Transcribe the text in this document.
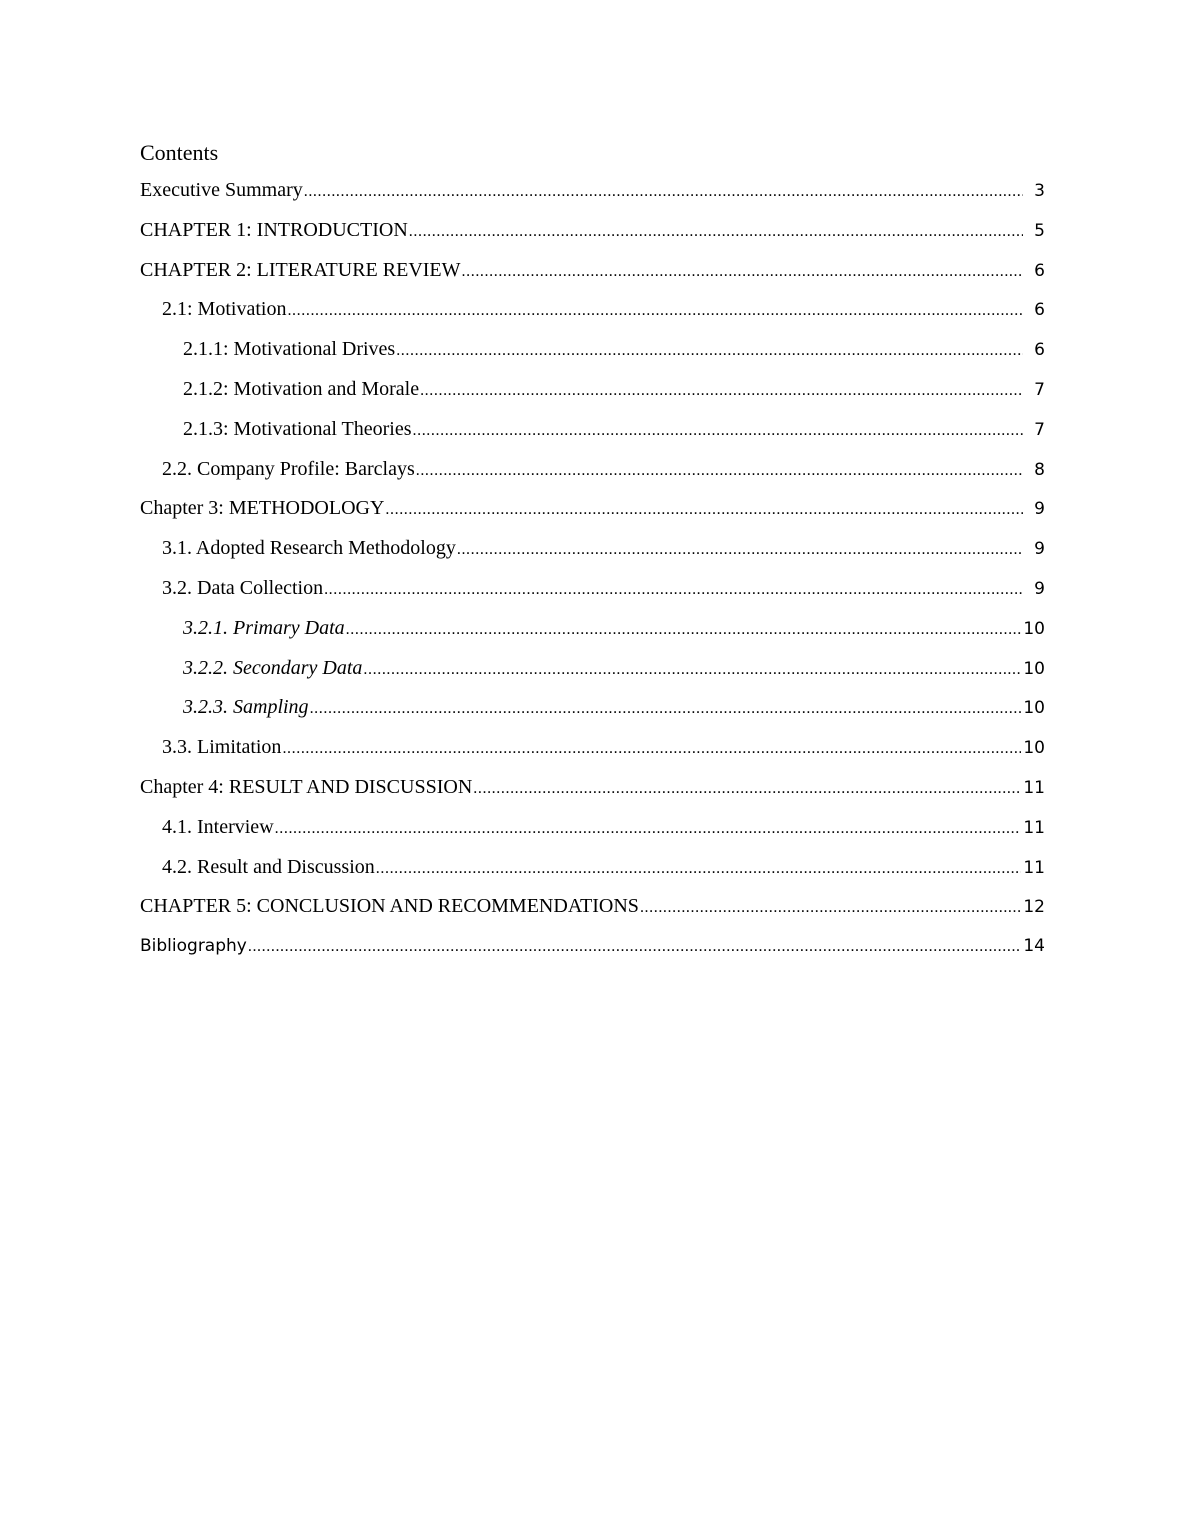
Contents
Executive Summary .....	3
CHAPTER 1: INTRODUCTION .....	5
CHAPTER 2: LITERATURE REVIEW .....	6
2.1: Motivation .....	6
2.1.1: Motivational Drives .....	6
2.1.2: Motivation and Morale .....	7
2.1.3: Motivational Theories .....	7
2.2. Company Profile: Barclays .....	8
Chapter 3: METHODOLOGY .....	9
3.1. Adopted Research Methodology .....	9
3.2. Data Collection .....	9
3.2.1. Primary Data .....	10
3.2.2. Secondary Data .....	10
3.2.3. Sampling .....	10
3.3. Limitation .....	10
Chapter 4: RESULT AND DISCUSSION .....	11
4.1. Interview .....	11
4.2. Result and Discussion .....	11
CHAPTER 5: CONCLUSION AND RECOMMENDATIONS .....	12
Bibliography .....	14
